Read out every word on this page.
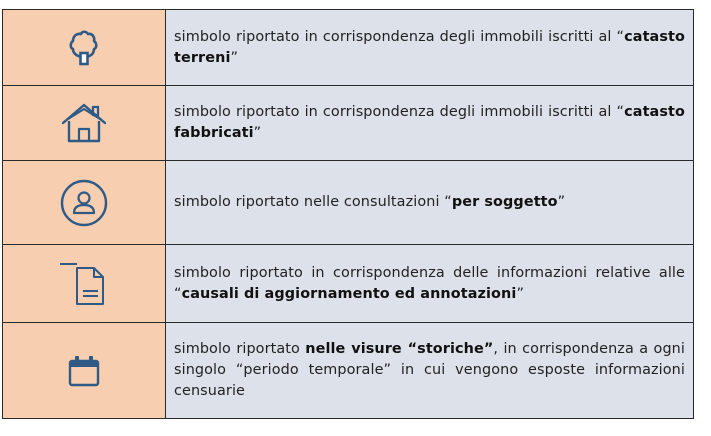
	simbolo riportato in corrispondenza degli immobili iscritti al “catasto terreni”

	simbolo riportato in corrispondenza degli immobili iscritti al “catasto fabbricati”

	simbolo riportato nelle consultazioni “per soggetto”

	simbolo riportato in corrispondenza delle informazioni relative alle “causali di aggiornamento ed annotazioni”

	simbolo riportato nelle visure “storiche”, in corrispondenza a ogni singolo “periodo temporale” in cui vengono esposte informazioni censuarie
